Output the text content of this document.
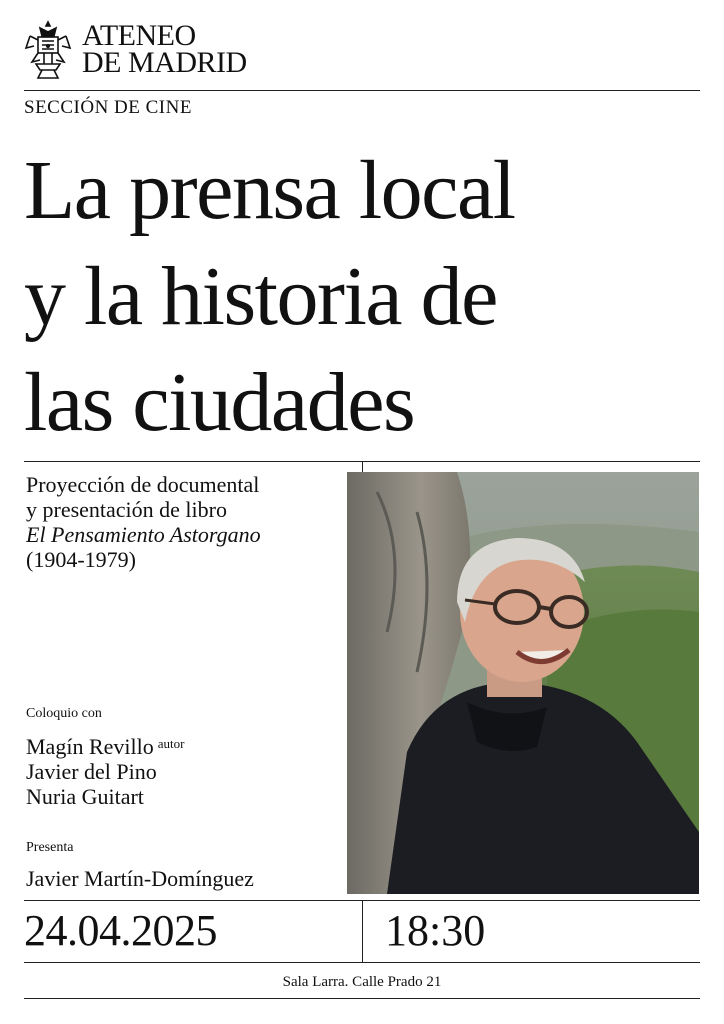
ATENEO
DE MADRID
SECCIÓN DE CINE
La prensa local
y la historia de
las ciudades
Proyección de documental
y presentación de libro
El Pensamiento Astorgano
(1904-1979)
Coloquio con
Magín Revillo $^{autor}$
Javier del Pino
Nuria Guitart
Presenta
Javier Martín-Domínguez
24.04.2025	18:30
Sala Larra. Calle Prado 21
